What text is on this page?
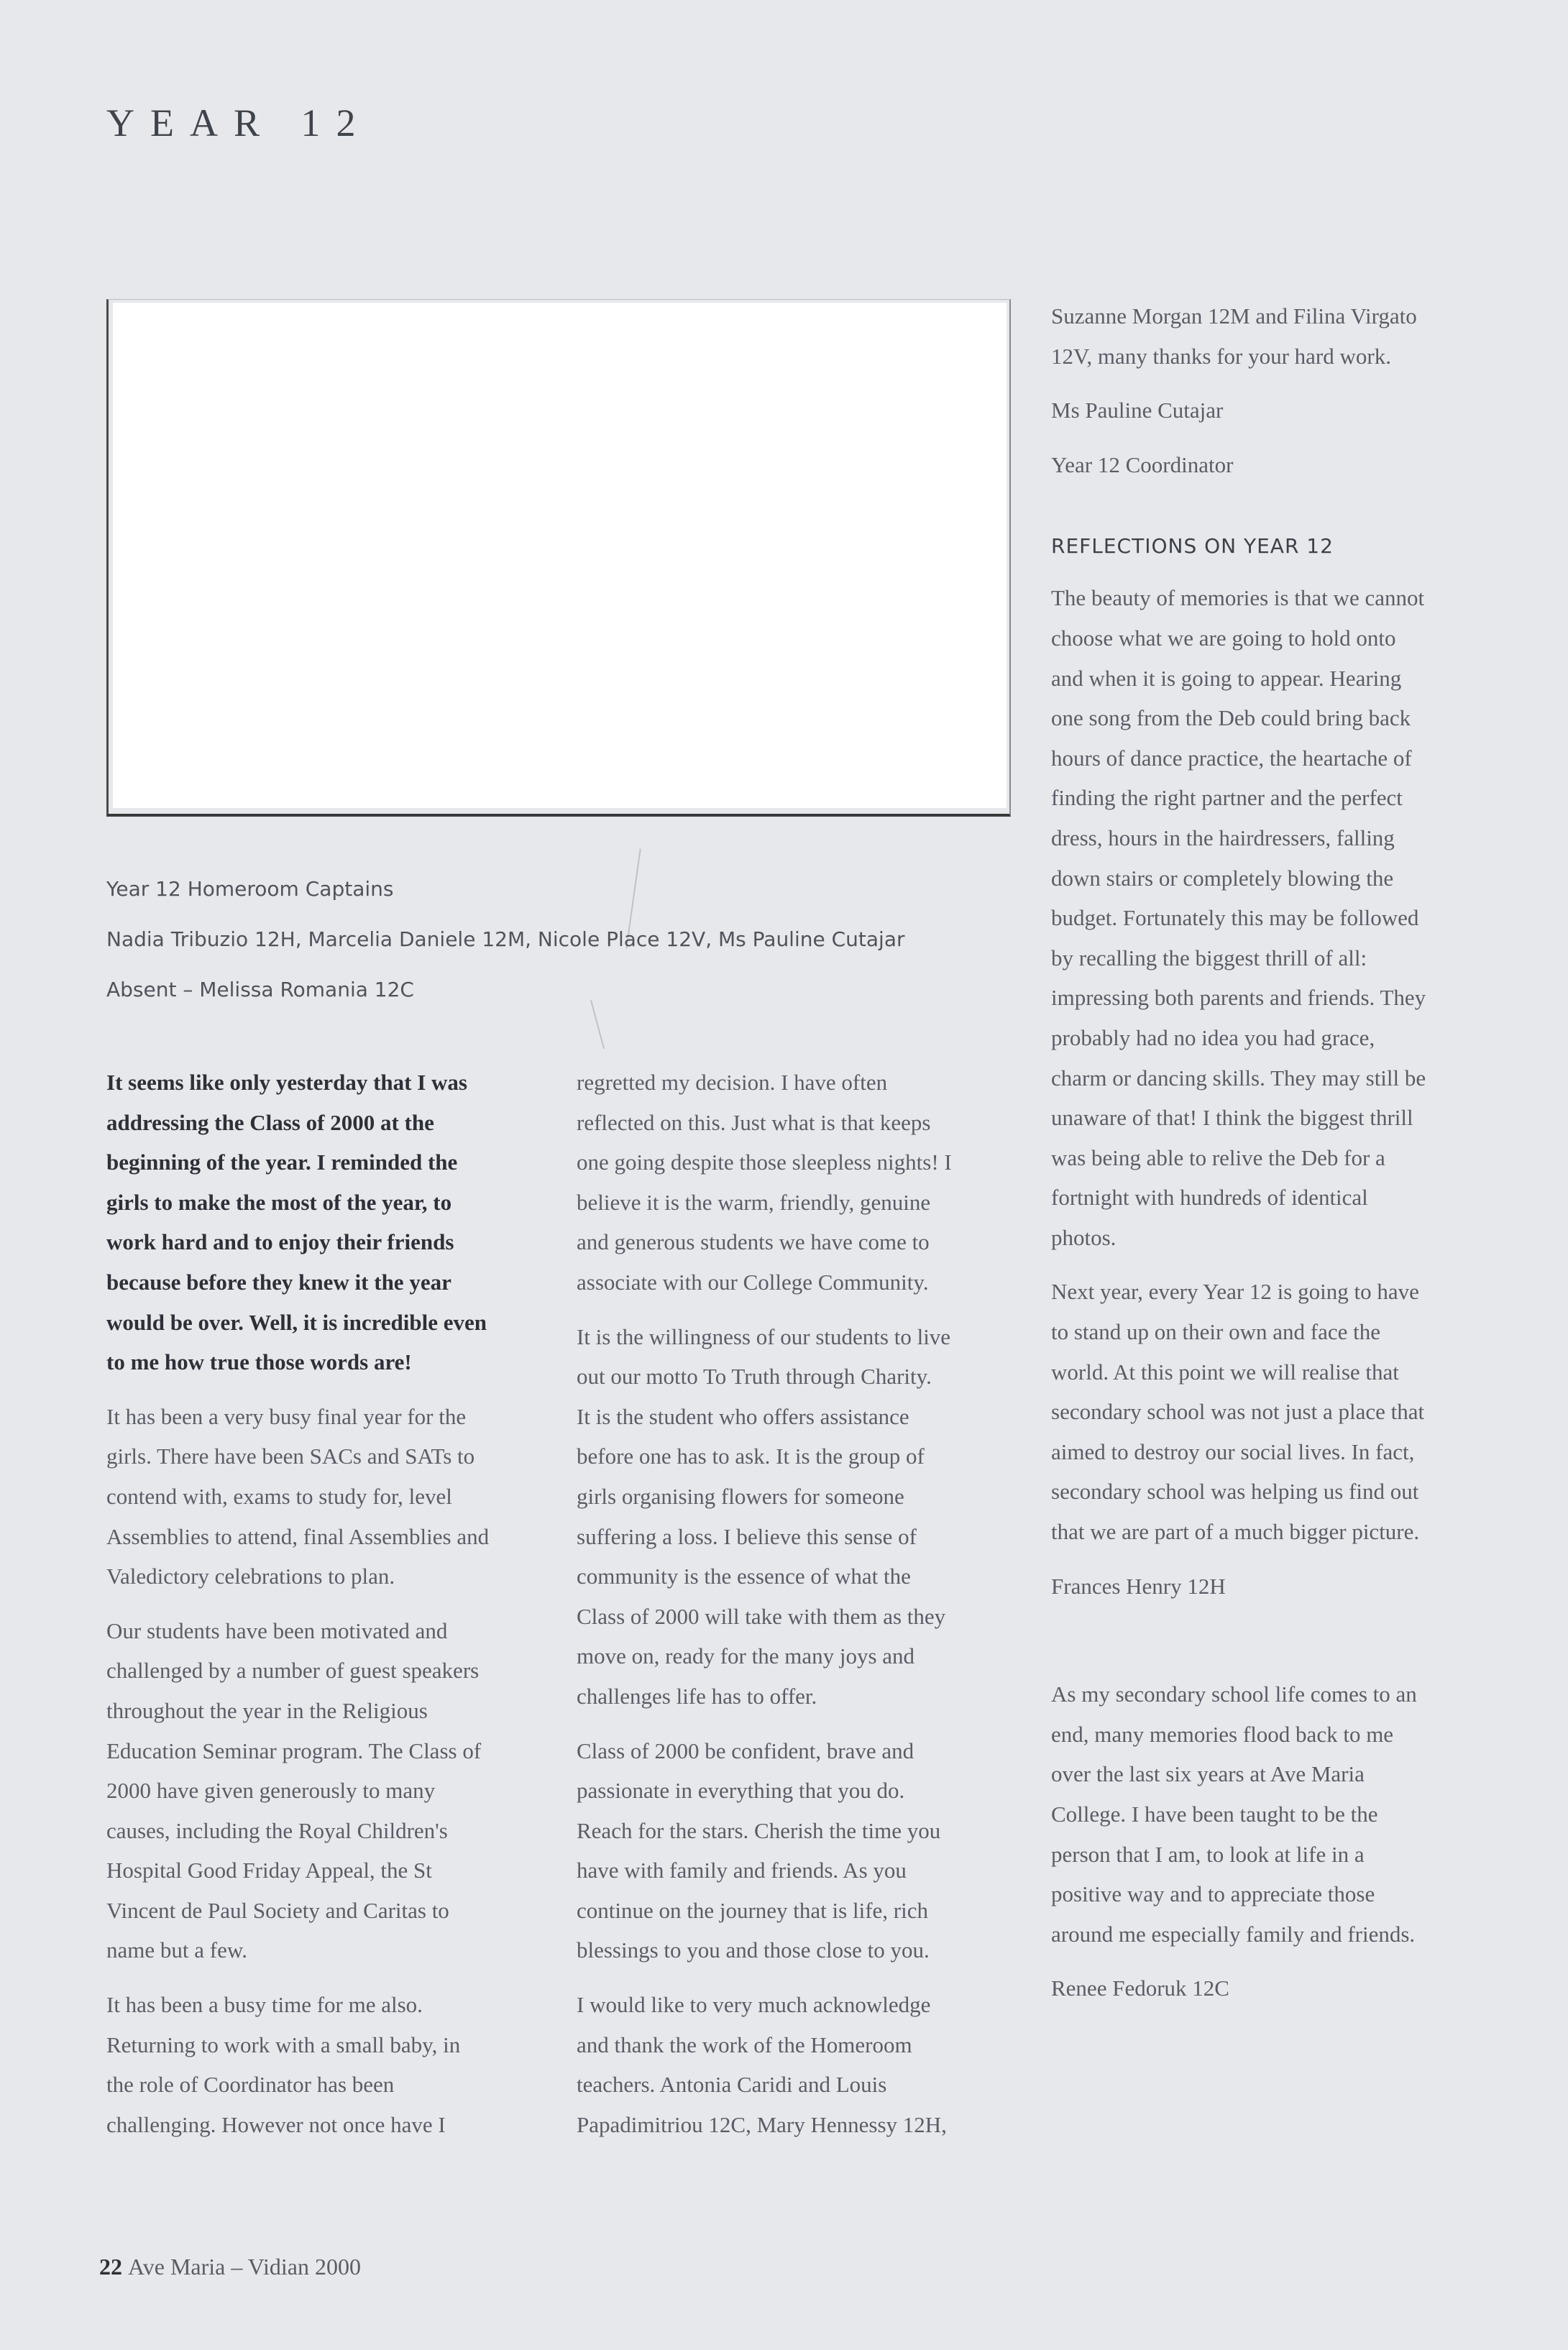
YEAR 12
Year 12 Homeroom Captains
Nadia Tribuzio 12H, Marcelia Daniele 12M, Nicole Place 12V, Ms Pauline Cutajar
Absent – Melissa Romania 12C

It seems like only yesterday that I was
addressing the Class of 2000 at the
beginning of the year. I reminded the
girls to make the most of the year, to
work hard and to enjoy their friends
because before they knew it the year
would be over. Well, it is incredible even
to me how true those words are!

It has been a very busy final year for the
girls. There have been SACs and SATs to
contend with, exams to study for, level
Assemblies to attend, final Assemblies and
Valedictory celebrations to plan.

Our students have been motivated and
challenged by a number of guest speakers
throughout the year in the Religious
Education Seminar program. The Class of
2000 have given generously to many
causes, including the Royal Children's
Hospital Good Friday Appeal, the St
Vincent de Paul Society and Caritas to
name but a few.

It has been a busy time for me also.
Returning to work with a small baby, in
the role of Coordinator has been
challenging. However not once have I

regretted my decision. I have often
reflected on this. Just what is that keeps
one going despite those sleepless nights! I
believe it is the warm, friendly, genuine
and generous students we have come to
associate with our College Community.

It is the willingness of our students to live
out our motto To Truth through Charity.
It is the student who offers assistance
before one has to ask. It is the group of
girls organising flowers for someone
suffering a loss. I believe this sense of
community is the essence of what the
Class of 2000 will take with them as they
move on, ready for the many joys and
challenges life has to offer.

Class of 2000 be confident, brave and
passionate in everything that you do.
Reach for the stars. Cherish the time you
have with family and friends. As you
continue on the journey that is life, rich
blessings to you and those close to you.

I would like to very much acknowledge
and thank the work of the Homeroom
teachers. Antonia Caridi and Louis
Papadimitriou 12C, Mary Hennessy 12H,

Suzanne Morgan 12M and Filina Virgato
12V, many thanks for your hard work.

Ms Pauline Cutajar

Year 12 Coordinator

REFLECTIONS ON YEAR 12

The beauty of memories is that we cannot
choose what we are going to hold onto
and when it is going to appear. Hearing
one song from the Deb could bring back
hours of dance practice, the heartache of
finding the right partner and the perfect
dress, hours in the hairdressers, falling
down stairs or completely blowing the
budget. Fortunately this may be followed
by recalling the biggest thrill of all:
impressing both parents and friends. They
probably had no idea you had grace,
charm or dancing skills. They may still be
unaware of that! I think the biggest thrill
was being able to relive the Deb for a
fortnight with hundreds of identical
photos.

Next year, every Year 12 is going to have
to stand up on their own and face the
world. At this point we will realise that
secondary school was not just a place that
aimed to destroy our social lives. In fact,
secondary school was helping us find out
that we are part of a much bigger picture.

Frances Henry 12H

As my secondary school life comes to an
end, many memories flood back to me
over the last six years at Ave Maria
College. I have been taught to be the
person that I am, to look at life in a
positive way and to appreciate those
around me especially family and friends.

Renee Fedoruk 12C

22 Ave Maria – Vidian 2000
